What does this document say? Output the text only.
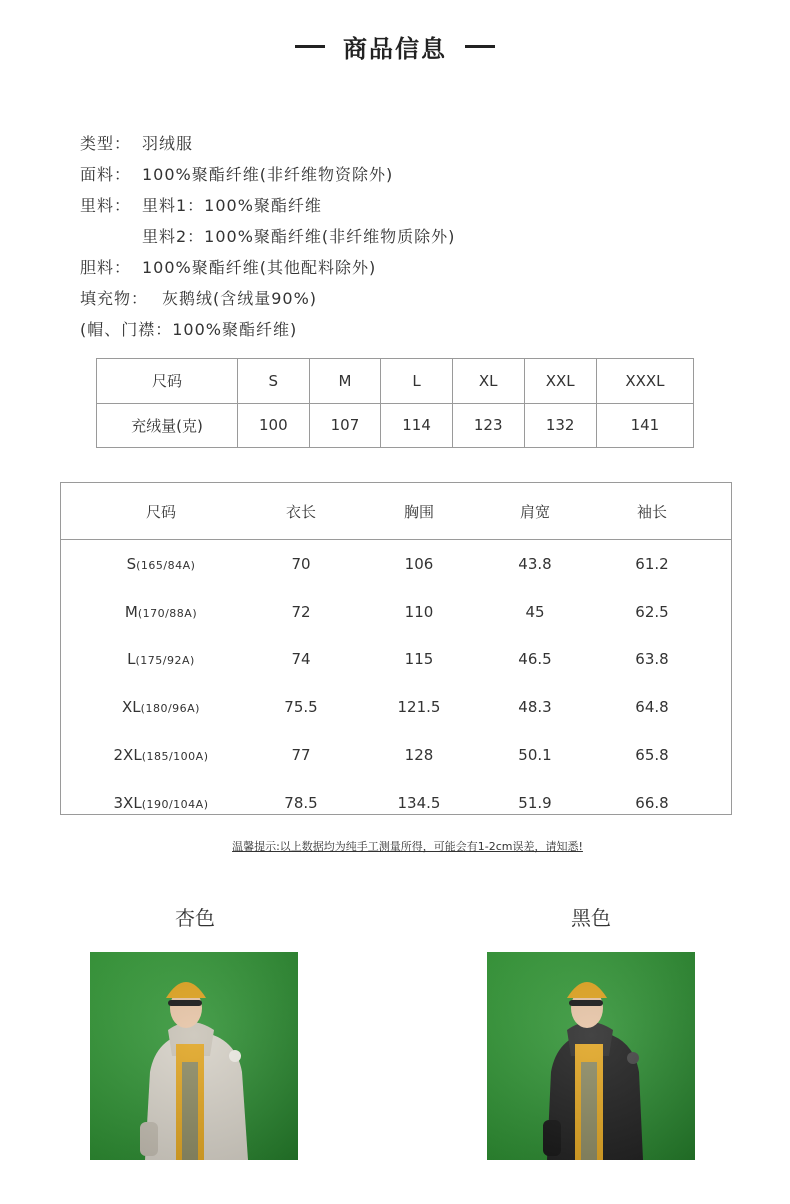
商品信息
类型： 羽绒服
面料： 100%聚酯纤维(非纤维物资除外)
里料： 里料1：100%聚酯纤维
里料2：100%聚酯纤维(非纤维物质除外)
胆料： 100%聚酯纤维(其他配料除外)
填充物： 灰鹅绒(含绒量90%)
(帽、门襟：100%聚酯纤维)
尺码	S	M	L	XL	XXL	XXXL
充绒量(克)	100	107	114	123	132	141
尺码	衣长	胸围	肩宽	袖长
S(165/84A)	70	106	43.8	61.2
M(170/88A)	72	110	45	62.5
L(175/92A)	74	115	46.5	63.8
XL(180/96A)	75.5	121.5	48.3	64.8
2XL(185/100A)	77	128	50.1	65.8
3XL(190/104A)	78.5	134.5	51.9	66.8
温馨提示:以上数据均为纯手工测量所得，可能会有1-2cm误差，请知悉!
杏色	黑色
